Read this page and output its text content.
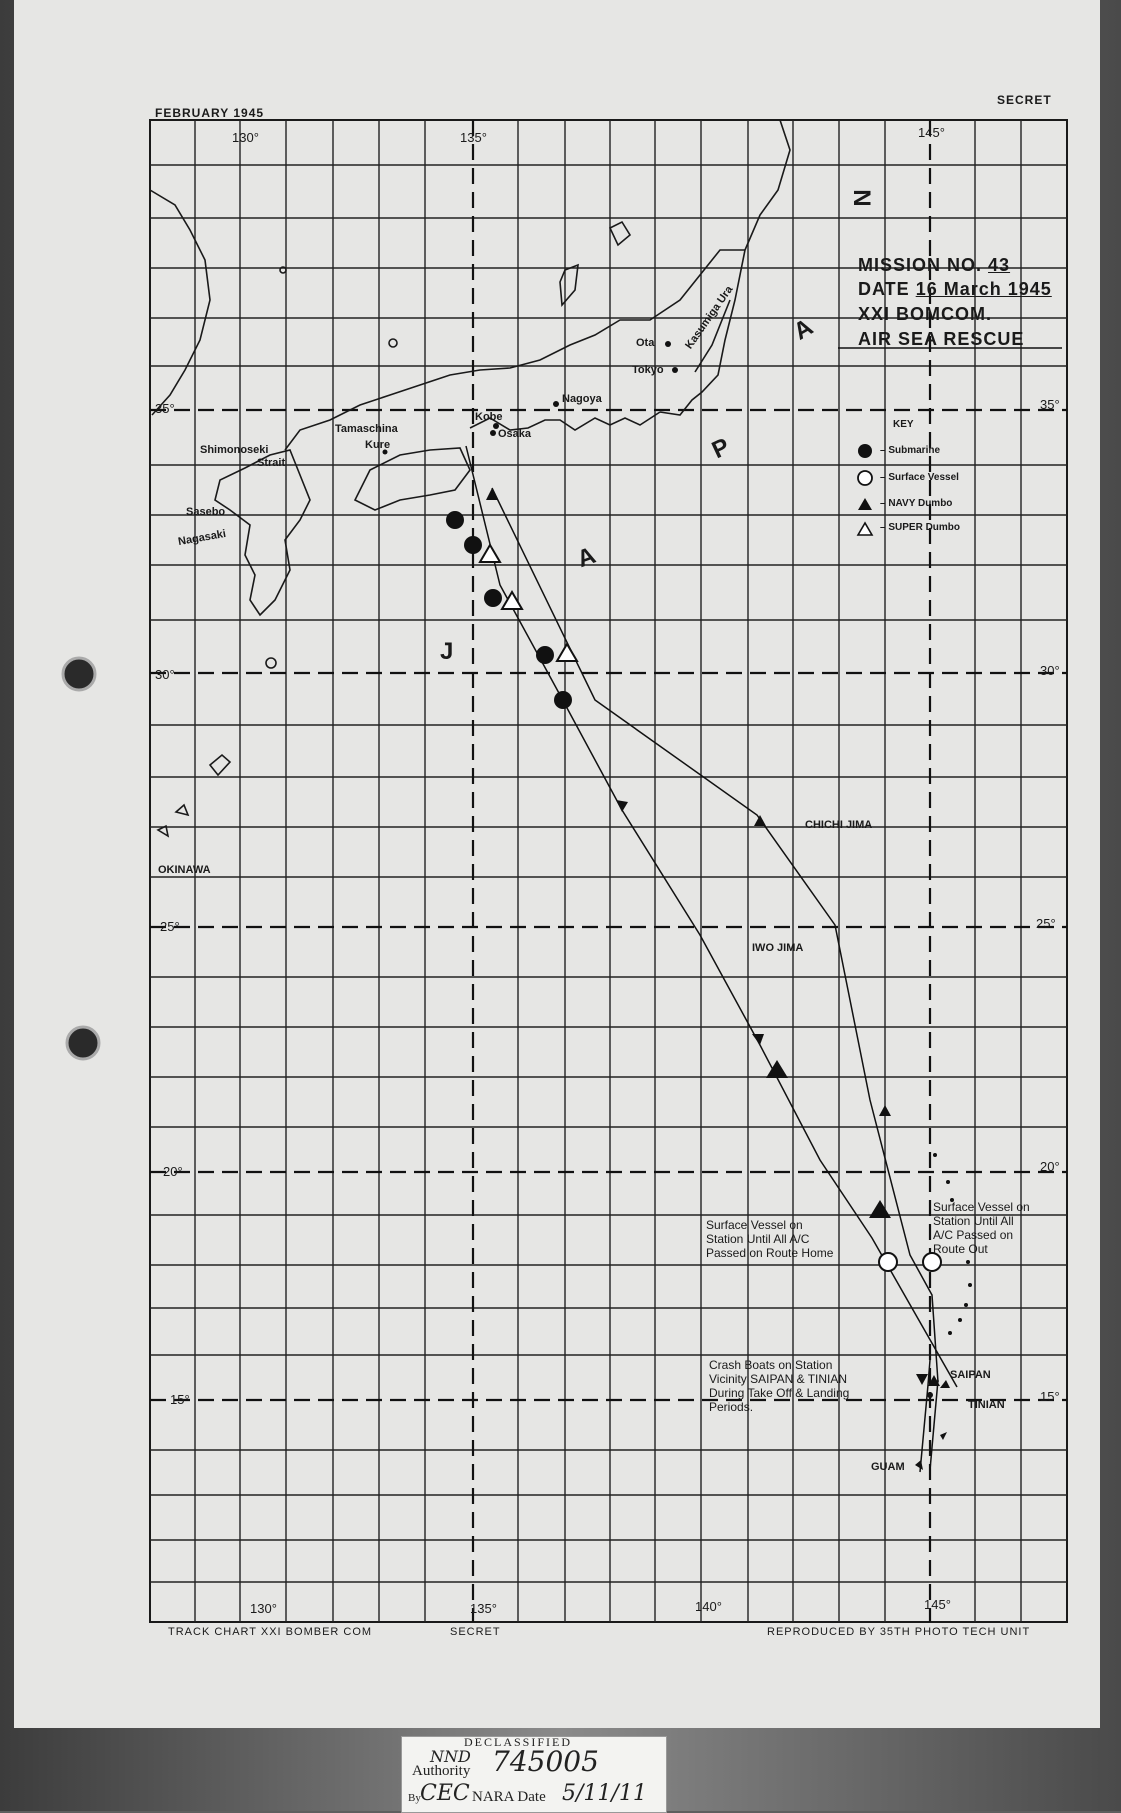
FEBRUARY 1945
SECRET
TRACK CHART XXI BOMBER COM	SECRET	REPRODUCED BY 35TH PHOTO TECH UNIT
130°	135°	145°
130°	135°	140°	145°
35°
30°
25°
20°
15°
35°
30°
25°
20°
15°
MISSION NO. 43
DATE 16 March 1945
XXI BOMCOM.
AIR SEA RESCUE
KEY
– Submarine
– Surface Vessel
– NAVY Dumbo
– SUPER Dumbo
J
A
P
A
N
Ota
Tokyo
Kasumiga Ura
Nagoya
Kobe
Osaka
Tamaschina
Kure
Shimonoseki
Strait
Sasebo
Nagasaki
OKINAWA
CHICHI JIMA
IWO JIMA
SAIPAN
TINIAN
GUAM
Surface Vessel on
Station Until All A/C
Passed on Route Home
Surface Vessel on
Station Until All
A/C Passed on
Route Out
Crash Boats on Station
Vicinity SAIPAN & TINIAN
During Take Off & Landing
Periods.
DECLASSIFIED
NND
Authority 745005
By CEC NARA Date 5/11/11
